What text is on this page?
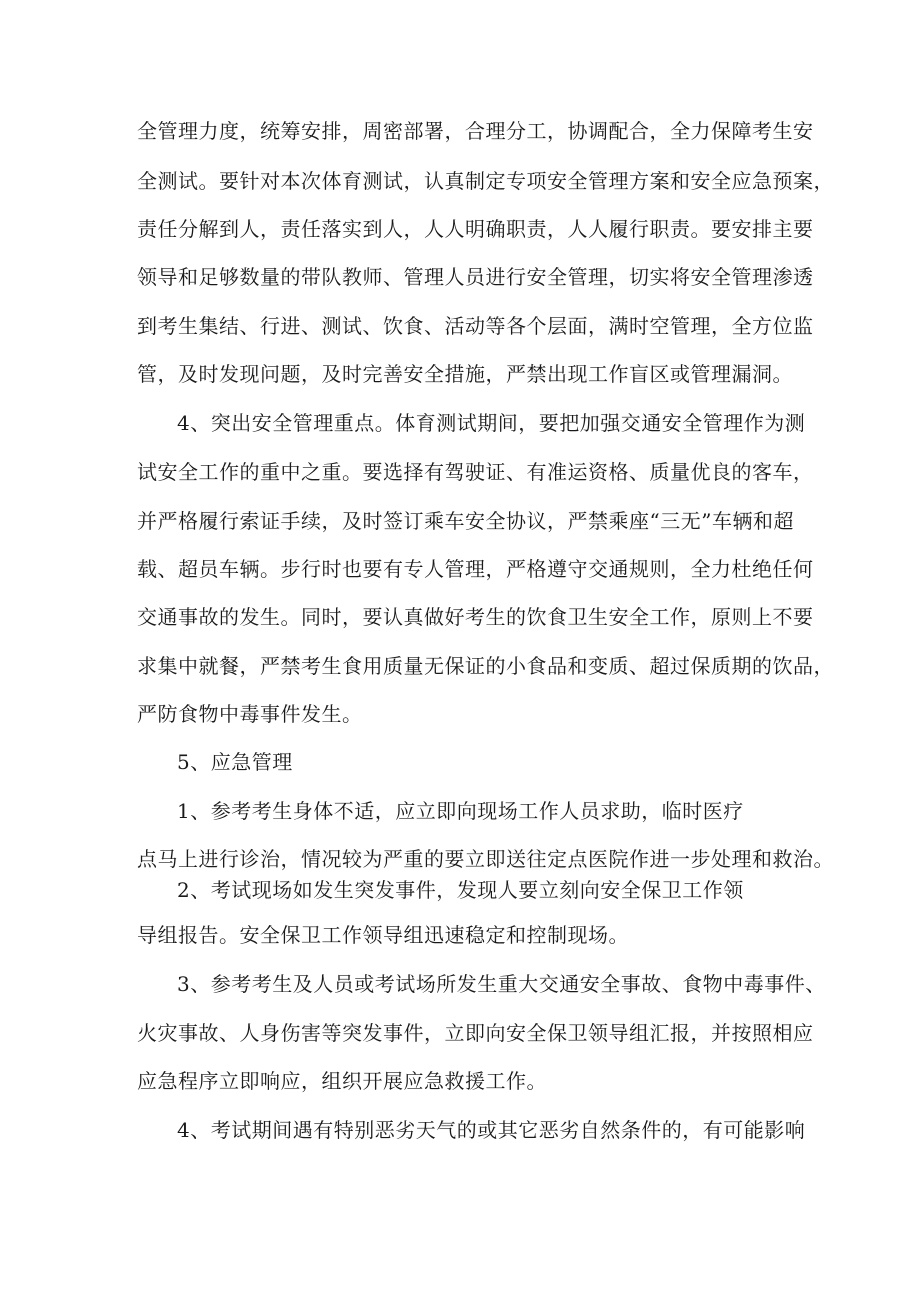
全管理力度，统筹安排，周密部署，合理分工，协调配合，全力保障考生安
全测试。要针对本次体育测试，认真制定专项安全管理方案和安全应急预案，
责任分解到人，责任落实到人，人人明确职责，人人履行职责。要安排主要
领导和足够数量的带队教师、管理人员进行安全管理，切实将安全管理渗透
到考生集结、行进、测试、饮食、活动等各个层面，满时空管理，全方位监
管，及时发现问题，及时完善安全措施，严禁出现工作盲区或管理漏洞。
4、突出安全管理重点。体育测试期间，要把加强交通安全管理作为测
试安全工作的重中之重。要选择有驾驶证、有准运资格、质量优良的客车，
并严格履行索证手续，及时签订乘车安全协议，严禁乘座“三无”车辆和超
载、超员车辆。步行时也要有专人管理，严格遵守交通规则，全力杜绝任何
交通事故的发生。同时，要认真做好考生的饮食卫生安全工作，原则上不要
求集中就餐，严禁考生食用质量无保证的小食品和变质、超过保质期的饮品，
严防食物中毒事件发生。
5、应急管理
1、参考考生身体不适，应立即向现场工作人员求助，临时医疗
点马上进行诊治，情况较为严重的要立即送往定点医院作进一步处理和救治。
2、考试现场如发生突发事件，发现人要立刻向安全保卫工作领
导组报告。安全保卫工作领导组迅速稳定和控制现场。
3、参考考生及人员或考试场所发生重大交通安全事故、食物中毒事件、
火灾事故、人身伤害等突发事件，立即向安全保卫领导组汇报，并按照相应
应急程序立即响应，组织开展应急救援工作。
4、考试期间遇有特别恶劣天气的或其它恶劣自然条件的，有可能影响
